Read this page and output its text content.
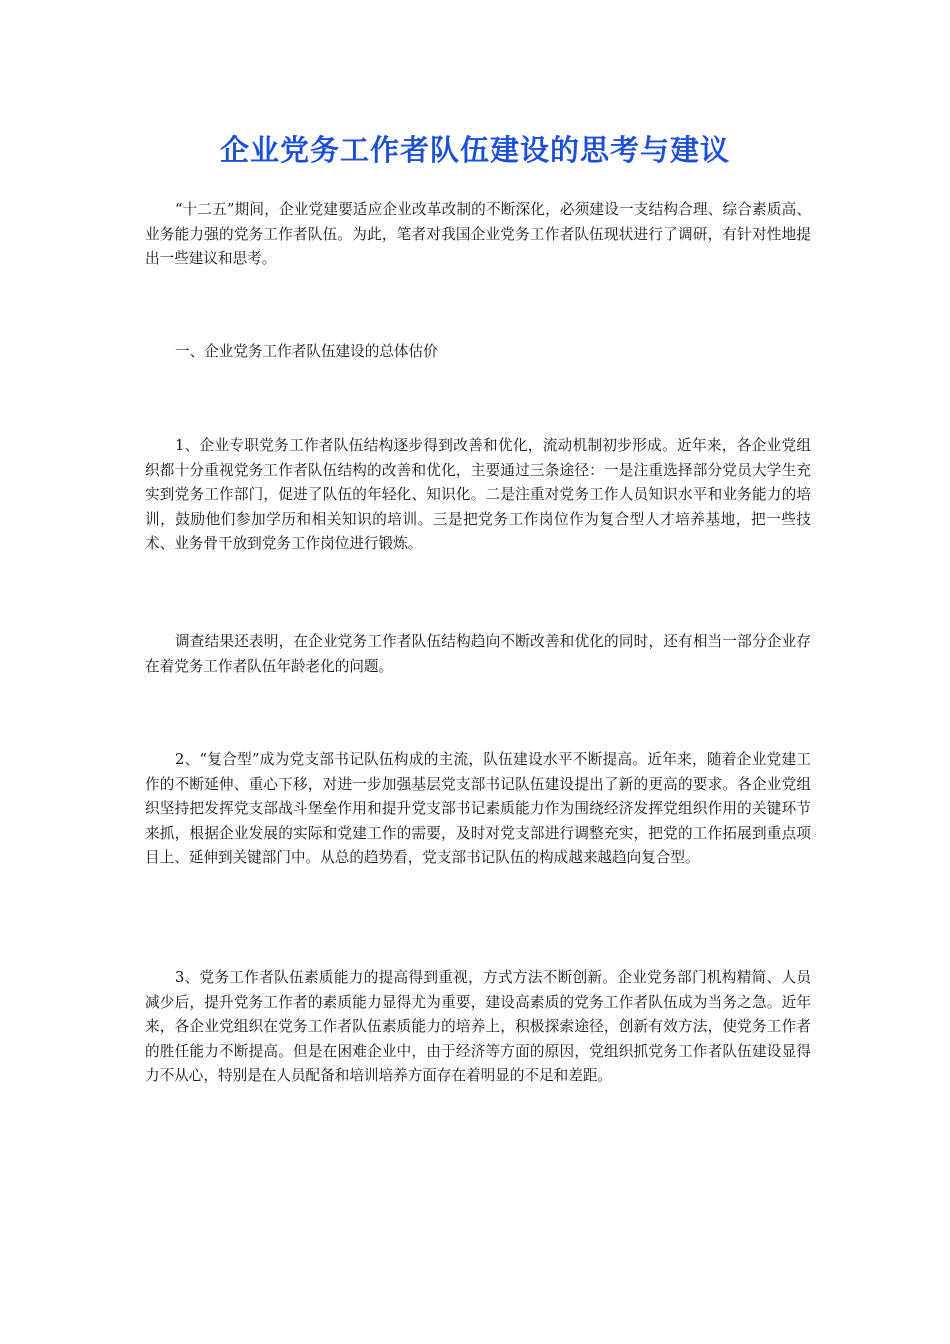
企业党务工作者队伍建设的思考与建议

“十二五”期间，企业党建要适应企业改革改制的不断深化，必须建设一支结构合理、综合素质高、业务能力强的党务工作者队伍。为此，笔者对我国企业党务工作者队伍现状进行了调研，有针对性地提出一些建议和思考。

一、企业党务工作者队伍建设的总体估价

1、企业专职党务工作者队伍结构逐步得到改善和优化，流动机制初步形成。近年来，各企业党组织都十分重视党务工作者队伍结构的改善和优化，主要通过三条途径：一是注重选择部分党员大学生充实到党务工作部门，促进了队伍的年轻化、知识化。二是注重对党务工作人员知识水平和业务能力的培训，鼓励他们参加学历和相关知识的培训。三是把党务工作岗位作为复合型人才培养基地，把一些技术、业务骨干放到党务工作岗位进行锻炼。

调查结果还表明，在企业党务工作者队伍结构趋向不断改善和优化的同时，还有相当一部分企业存在着党务工作者队伍年龄老化的问题。

2、“复合型”成为党支部书记队伍构成的主流，队伍建设水平不断提高。近年来，随着企业党建工作的不断延伸、重心下移，对进一步加强基层党支部书记队伍建设提出了新的更高的要求。各企业党组织坚持把发挥党支部战斗堡垒作用和提升党支部书记素质能力作为围绕经济发挥党组织作用的关键环节来抓，根据企业发展的实际和党建工作的需要，及时对党支部进行调整充实，把党的工作拓展到重点项目上、延伸到关键部门中。从总的趋势看，党支部书记队伍的构成越来越趋向复合型。

3、党务工作者队伍素质能力的提高得到重视，方式方法不断创新。企业党务部门机构精简、人员减少后，提升党务工作者的素质能力显得尤为重要，建设高素质的党务工作者队伍成为当务之急。近年来，各企业党组织在党务工作者队伍素质能力的培养上，积极探索途径，创新有效方法，使党务工作者的胜任能力不断提高。但是在困难企业中，由于经济等方面的原因，党组织抓党务工作者队伍建设显得力不从心，特别是在人员配备和培训培养方面存在着明显的不足和差距。
